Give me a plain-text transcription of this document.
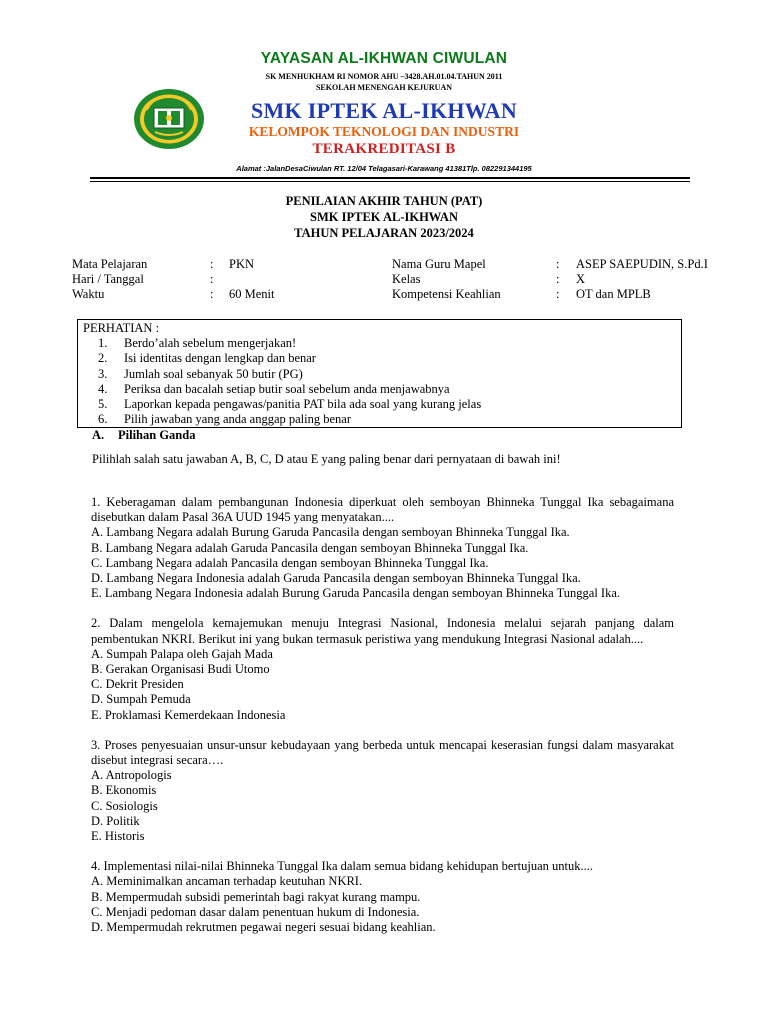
YAYASAN AL-IKHWAN CIWULAN
SK MENHUKHAM RI NOMOR AHU –3428.AH.01.04.TAHUN 2011
SEKOLAH MENENGAH KEJURUAN
SMK IPTEK AL-IKHWAN
KELOMPOK TEKNOLOGI DAN INDUSTRI
TERAKREDITASI B
Alamat :JalanDesaCiwulan RT. 12/04 Telagasari-Karawang 41381Tlp. 082291344195
PENILAIAN AKHIR TAHUN (PAT)
SMK IPTEK AL-IKHWAN
TAHUN PELAJARAN 2023/2024
Mata Pelajaran	: PKN	Nama Guru Mapel	: ASEP SAEPUDIN, S.Pd.I
Hari / Tanggal	:	Kelas	: X
Waktu	: 60 Menit	Kompetensi Keahlian	: OT dan MPLB
PERHATIAN :
1. Berdo’alah sebelum mengerjakan!
2. Isi identitas dengan lengkap dan benar
3. Jumlah soal sebanyak 50 butir (PG)
4. Periksa dan bacalah setiap butir soal sebelum anda menjawabnya
5. Laporkan kepada pengawas/panitia PAT bila ada soal yang kurang jelas
6. Pilih jawaban yang anda anggap paling benar
A. Pilihan Ganda
Pilihlah salah satu jawaban A, B, C, D atau E yang paling benar dari pernyataan di bawah ini!
1. Keberagaman dalam pembangunan Indonesia diperkuat oleh semboyan Bhinneka Tunggal Ika sebagaimana disebutkan dalam Pasal 36A UUD 1945 yang menyatakan....
A. Lambang Negara adalah Burung Garuda Pancasila dengan semboyan Bhinneka Tunggal Ika.
B. Lambang Negara adalah Garuda Pancasila dengan semboyan Bhinneka Tunggal Ika.
C. Lambang Negara adalah Pancasila dengan semboyan Bhinneka Tunggal Ika.
D. Lambang Negara Indonesia adalah Garuda Pancasila dengan semboyan Bhinneka Tunggal Ika.
E. Lambang Negara Indonesia adalah Burung Garuda Pancasila dengan semboyan Bhinneka Tunggal Ika.
2. Dalam mengelola kemajemukan menuju Integrasi Nasional, Indonesia melalui sejarah panjang dalam pembentukan NKRI. Berikut ini yang bukan termasuk peristiwa yang mendukung Integrasi Nasional adalah....
A. Sumpah Palapa oleh Gajah Mada
B. Gerakan Organisasi Budi Utomo
C. Dekrit Presiden
D. Sumpah Pemuda
E. Proklamasi Kemerdekaan Indonesia
3. Proses penyesuaian unsur-unsur kebudayaan yang berbeda untuk mencapai keserasian fungsi dalam masyarakat disebut integrasi secara….
A. Antropologis
B. Ekonomis
C. Sosiologis
D. Politik
E. Historis
4. Implementasi nilai-nilai Bhinneka Tunggal Ika dalam semua bidang kehidupan bertujuan untuk....
A. Meminimalkan ancaman terhadap keutuhan NKRI.
B. Mempermudah subsidi pemerintah bagi rakyat kurang mampu.
C. Menjadi pedoman dasar dalam penentuan hukum di Indonesia.
D. Mempermudah rekrutmen pegawai negeri sesuai bidang keahlian.
